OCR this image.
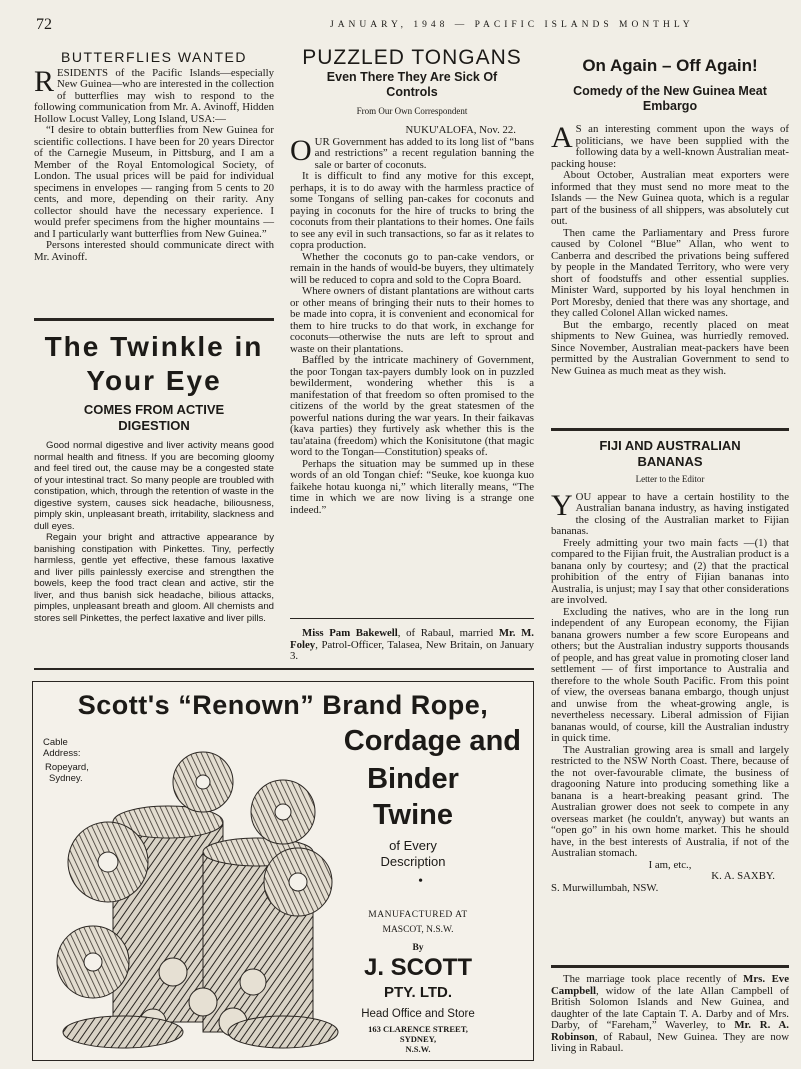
72	JANUARY, 1948 — PACIFIC ISLANDS MONTHLY
BUTTERFLIES WANTED

RESIDENTS of the Pacific Islands—especially New Guinea—who are interested in the collection of butterflies may wish to respond to the following communication from Mr. A. Avinoff, Hidden Hollow Locust Valley, Long Island, USA:—

“I desire to obtain butterflies from New Guinea for scientific collections. I have been for 20 years Director of the Carnegie Museum, in Pittsburg, and I am a Member of the Royal Entomological Society, of London. The usual prices will be paid for individual specimens in envelopes — ranging from 5 cents to 20 cents, and more, depending on their rarity. Any collector should have the necessary experience. I would prefer specimens from the higher mountains — and I particularly want butterflies from New Guinea.”

Persons interested should communicate direct with Mr. Avinoff.

The Twinkle in
Your Eye
COMES FROM ACTIVE DIGESTION

Good normal digestive and liver activity means good normal health and fitness. If you are becoming gloomy and feel tired out, the cause may be a congested state of your intestinal tract. So many people are troubled with constipation, which, through the retention of waste in the digestive system, causes sick headache, biliousness, pimply skin, unpleasant breath, irritability, slackness and dull eyes.

Regain your bright and attractive appearance by banishing constipation with Pinkettes. Tiny, perfectly harmless, gentle yet effective, these famous laxative and liver pills painlessly exercise and strengthen the bowels, keep the food tract clean and active, stir the liver, and thus banish sick headache, bilious attacks, pimples, unpleasant breath and gloom. All chemists and stores sell Pinkettes, the perfect laxative and liver pills.

PUZZLED TONGANS
Even There They Are Sick Of Controls
From Our Own Correspondent
NUKU'ALOFA, Nov. 22.

OUR Government has added to its long list of “bans and restrictions” a recent regulation banning the sale or barter of coconuts.

It is difficult to find any motive for this except, perhaps, it is to do away with the harmless practice of some Tongans of selling pan-cakes for coconuts and paying in coconuts for the hire of trucks to bring the coconuts from their plantations to their homes. One fails to see any evil in such transactions, so far as it relates to copra production.

Whether the coconuts go to pan-cake vendors, or remain in the hands of would-be buyers, they ultimately will be reduced to copra and sold to the Copra Board.

Where owners of distant plantations are without carts or other means of bringing their nuts to their homes to be made into copra, it is convenient and economical for them to hire trucks to do that work, in exchange for coconuts—otherwise the nuts are left to sprout and waste on their plantations.

Baffled by the intricate machinery of Government, the poor Tongan tax-payers dumbly look on in puzzled bewilderment, wondering whether this is a manifestation of that freedom so often promised to the citizens of the world by the great statesmen of the powerful nations during the war years. In their faikavas (kava parties) they furtively ask whether this is the tau'ataina (freedom) which the Konisitutone (that magic word to the Tongan—Constitution) speaks of.

Perhaps the situation may be summed up in these words of an old Tongan chief: “Seuke, koe kuonga kuo faikehe hotau kuonga ni,” which literally means, “The time in which we are now living is a strange one indeed.”

Miss Pam Bakewell, of Rabaul, married Mr. M. Foley, Patrol-Officer, Talasea, New Britain, on January 3.

On Again – Off Again!
Comedy of the New Guinea Meat Embargo

A S an interesting comment upon the ways of politicians, we have been supplied with the following data by a well-known Australian meat-packing house:

About October, Australian meat exporters were informed that they must send no more meat to the Islands — the New Guinea quota, which is a regular part of the business of all shippers, was absolutely cut out.

Then came the Parliamentary and Press furore caused by Colonel “Blue” Allan, who went to Canberra and described the privations being suffered by people in the Mandated Territory, who were very short of foodstuffs and other essential supplies. Minister Ward, supported by his loyal henchmen in Port Moresby, denied that there was any shortage, and they called Colonel Allan wicked names.

But the embargo, recently placed on meat shipments to New Guinea, was hurriedly removed. Since November, Australian meat-packers have been permitted by the Australian Government to send to New Guinea as much meat as they wish.

FIJI AND AUSTRALIAN BANANAS
Letter to the Editor

YOU appear to have a certain hostility to the Australian banana industry, as having instigated the closing of the Australian market to Fijian bananas.

Freely admitting your two main facts —(1) that compared to the Fijian fruit, the Australian product is a banana only by courtesy; and (2) that the practical prohibition of the entry of Fijian bananas into Australia, is unjust; may I say that other considerations are involved.

Excluding the natives, who are in the long run independent of any European economy, the Fijian banana growers number a few score Europeans and others; but the Australian industry supports thousands of people, and has great value in promoting closer land settlement — of first importance to Australia and therefore to the whole South Pacific. From this point of view, the overseas banana embargo, though unjust and unwise from the wheat-growing angle, is nevertheless necessary. Liberal admission of Fijian bananas would, of course, kill the Australian industry in quick time.

The Australian growing area is small and largely restricted to the NSW North Coast. There, because of the not over-favourable climate, the business of dragooning Nature into producing something like a banana is a heart-breaking peasant grind. The Australian grower does not seek to compete in any overseas market (he couldn't, anyway) but wants an “open go” in his own home market. This he should have, in the best interests of Australia, if not of the Australian stomach.

I am, etc.,
K. A. SAXBY.
S. Murwillumbah, NSW.

The marriage took place recently of Mrs. Eve Campbell, widow of the late Allan Campbell of British Solomon Islands and New Guinea, and daughter of the late Captain T. A. Darby and of Mrs. Darby, of “Fareham,” Waverley, to Mr. R. A. Robinson, of Rabaul, New Guinea. They are now living in Rabaul.

Scott's “Renown” Brand Rope,
Cordage and
Binder
Twine
of Every
Description
•
Cable
Address:
Ropeyard,
Sydney.
MANUFACTURED AT
MASCOT, N.S.W.
By
J. SCOTT
PTY. LTD.
Head Office and Store
163 CLARENCE STREET,
SYDNEY,
N.S.W.
